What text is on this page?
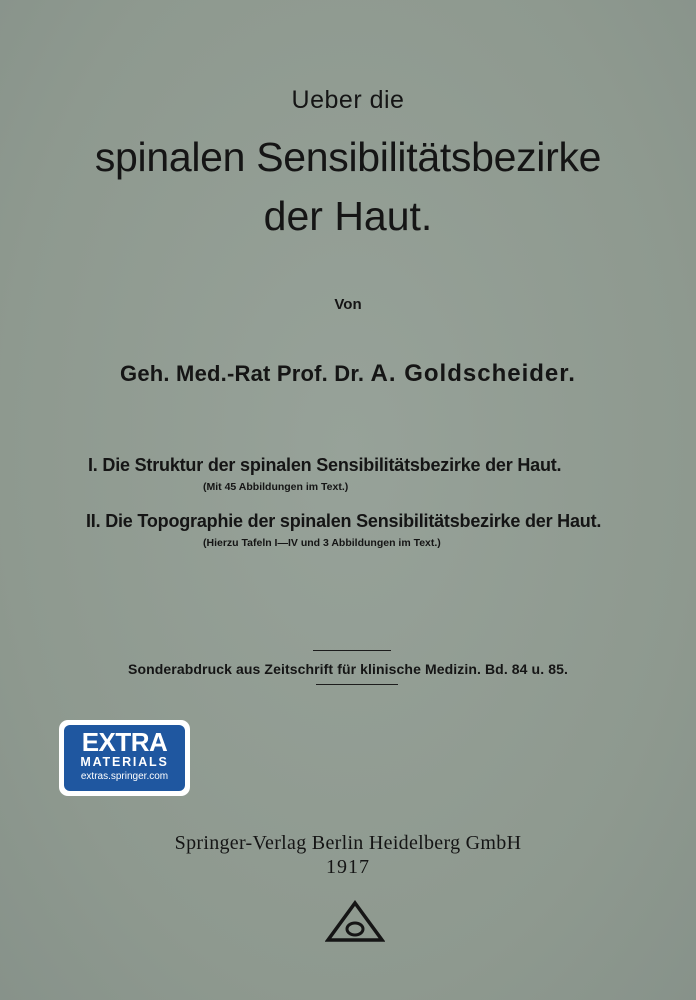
Ueber die
spinalen Sensibilitätsbezirke
der Haut.
Von
Geh. Med.-Rat Prof. Dr. A. Goldscheider.
I. Die Struktur der spinalen Sensibilitätsbezirke der Haut.
(Mit 45 Abbildungen im Text.)
II. Die Topographie der spinalen Sensibilitätsbezirke der Haut.
(Hierzu Tafeln I—IV und 3 Abbildungen im Text.)
Sonderabdruck aus Zeitschrift für klinische Medizin. Bd. 84 u. 85.
EXTRA
MATERIALS
extras.springer.com
Springer-Verlag Berlin Heidelberg GmbH
1917
